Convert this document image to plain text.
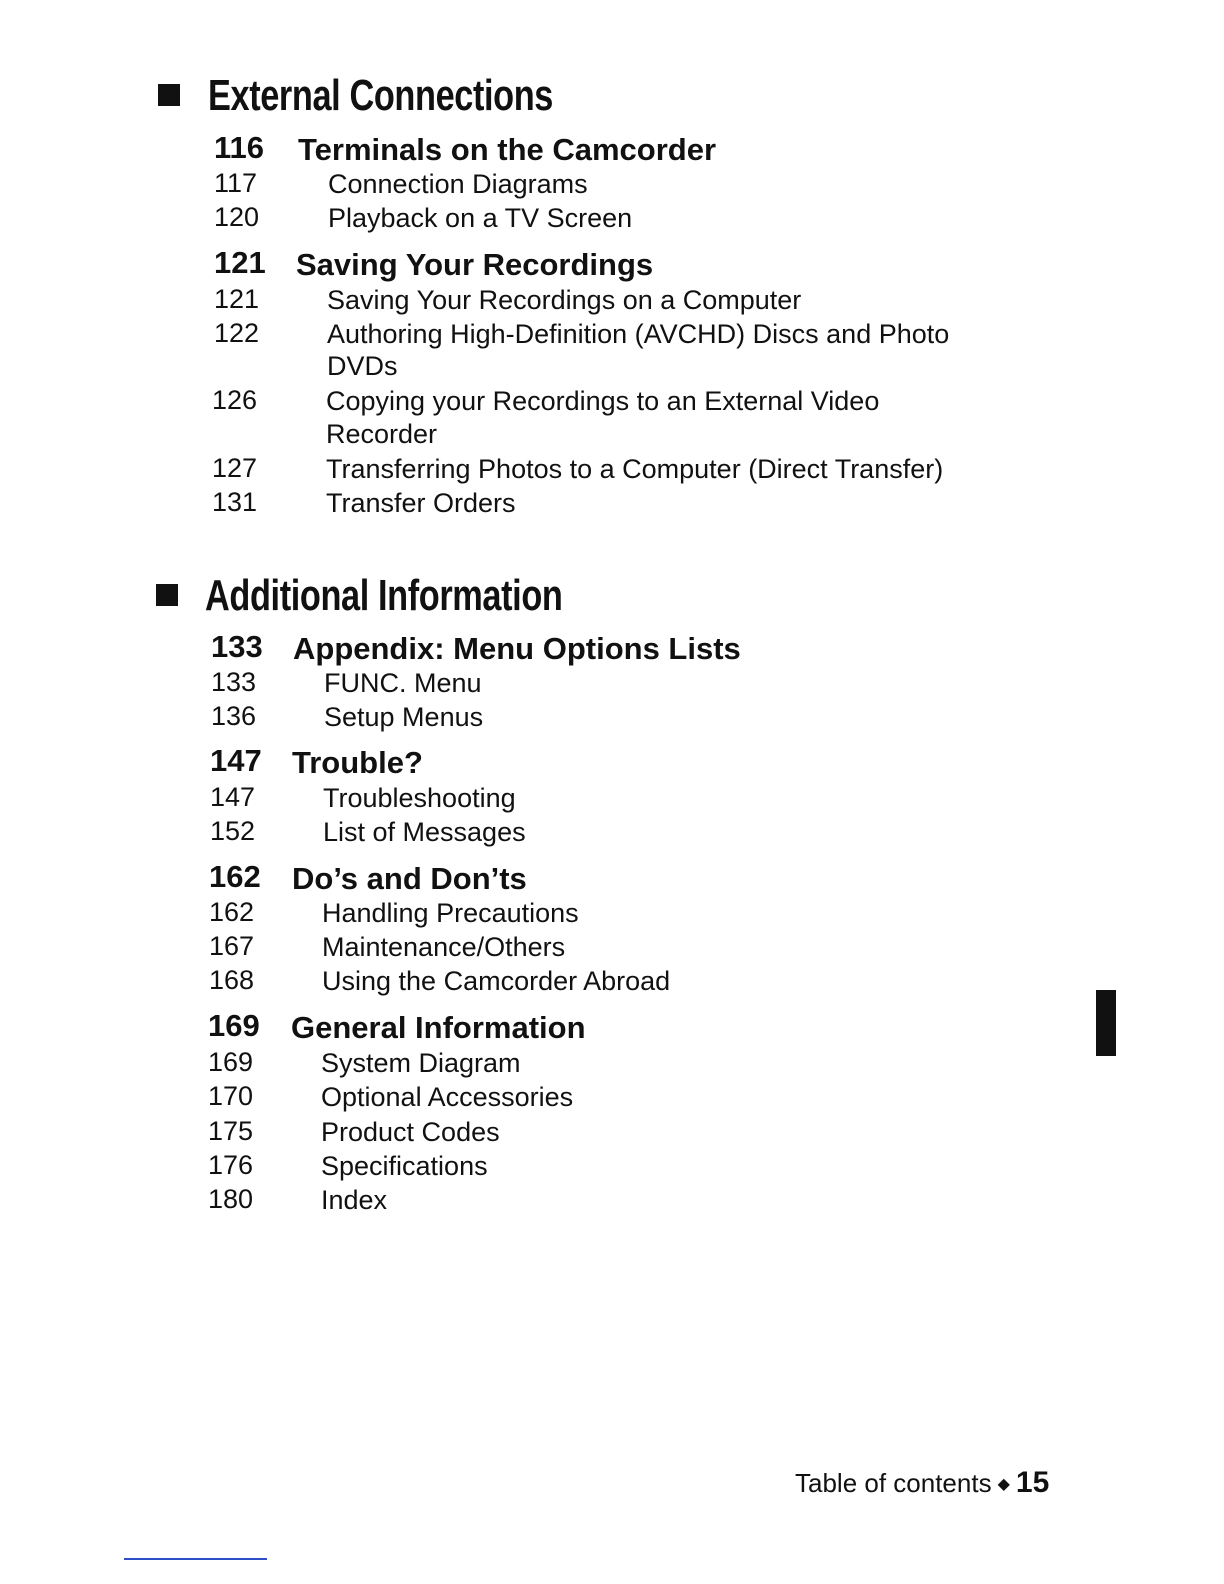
External Connections
116 Terminals on the Camcorder
117	Connection Diagrams
120	Playback on a TV Screen
121 Saving Your Recordings
121	Saving Your Recordings on a Computer
122	Authoring High-Definition (AVCHD) Discs and Photo
DVDs
126	Copying your Recordings to an External Video
Recorder
127	Transferring Photos to a Computer (Direct Transfer)
131	Transfer Orders
Additional Information
133 Appendix: Menu Options Lists
133	FUNC. Menu
136	Setup Menus
147 Trouble?
147	Troubleshooting
152	List of Messages
162 Do’s and Don’ts
162	Handling Precautions
167	Maintenance/Others
168	Using the Camcorder Abroad
169 General Information
169	System Diagram
170	Optional Accessories
175	Product Codes
176	Specifications
180	Index
Table of contents ◆ 15
